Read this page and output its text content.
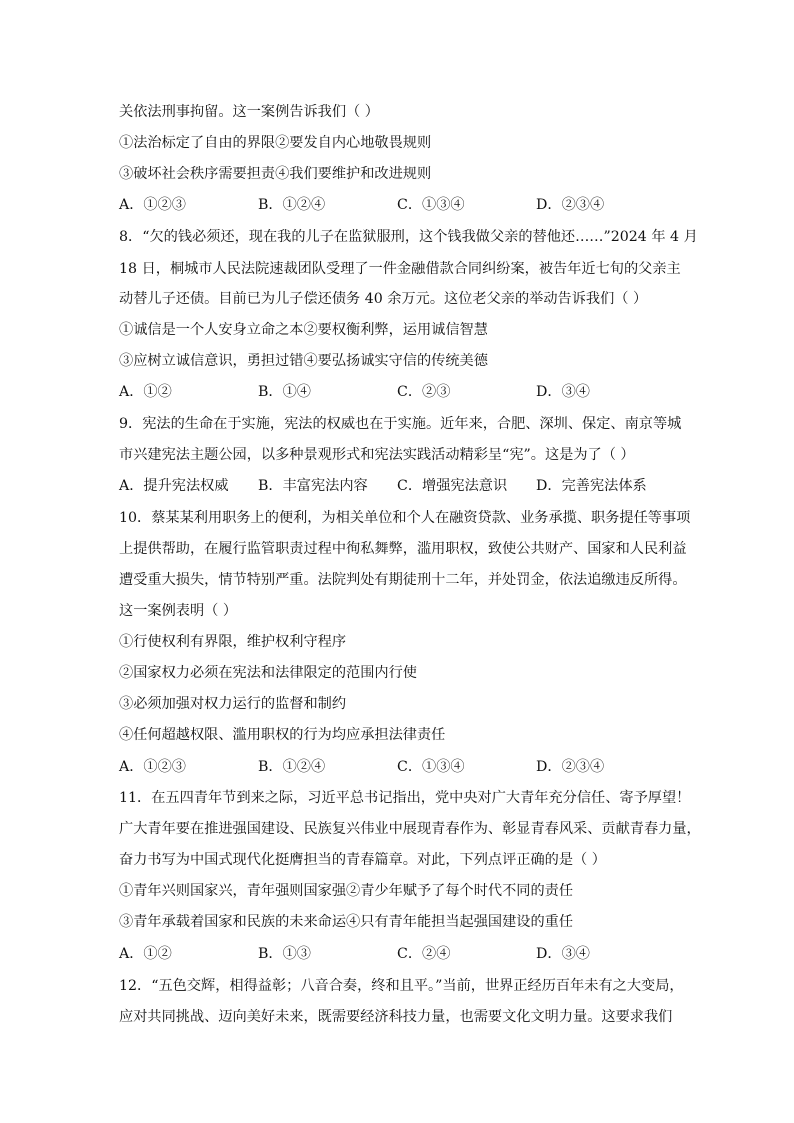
关依法刑事拘留。这一案例告诉我们（ ）
①法治标定了自由的界限②要发自内心地敬畏规则
③破坏社会秩序需要担责④我们要维护和改进规则
A．①②③	B．①②④	C．①③④	D．②③④
8．“欠的钱必须还，现在我的儿子在监狱服刑，这个钱我做父亲的替他还……”2024 年 4 月
18 日，桐城市人民法院速裁团队受理了一件金融借款合同纠纷案，被告年近七旬的父亲主
动替儿子还债。目前已为儿子偿还债务 40 余万元。这位老父亲的举动告诉我们（ ）
①诚信是一个人安身立命之本②要权衡利弊，运用诚信智慧
③应树立诚信意识，勇担过错④要弘扬诚实守信的传统美德
A．①②	B．①④	C．②③	D．③④
9．宪法的生命在于实施，宪法的权威也在于实施。近年来，合肥、深圳、保定、南京等城
市兴建宪法主题公园，以多种景观形式和宪法实践活动精彩呈“宪”。这是为了（ ）
A．提升宪法权威 B．丰富宪法内容 C．增强宪法意识 D．完善宪法体系
10．蔡某某利用职务上的便利，为相关单位和个人在融资贷款、业务承揽、职务提任等事项
上提供帮助，在履行监管职责过程中徇私舞弊，滥用职权，致使公共财产、国家和人民利益
遭受重大损失，情节特别严重。法院判处有期徒刑十二年，并处罚金，依法追缴违反所得。
这一案例表明（ ）
①行使权利有界限，维护权利守程序
②国家权力必须在宪法和法律限定的范围内行使
③必须加强对权力运行的监督和制约
④任何超越权限、滥用职权的行为均应承担法律责任
A．①②③	B．①②④	C．①③④	D．②③④
11．在五四青年节到来之际，习近平总书记指出，党中央对广大青年充分信任、寄予厚望！
广大青年要在推进强国建设、民族复兴伟业中展现青春作为、彰显青春风采、贡献青春力量，
奋力书写为中国式现代化挺膺担当的青春篇章。对此，下列点评正确的是（ ）
①青年兴则国家兴，青年强则国家强②青少年赋予了每个时代不同的责任
③青年承载着国家和民族的未来命运④只有青年能担当起强国建设的重任
A．①②	B．①③	C．②④	D．③④
12．“五色交辉，相得益彰；八音合奏，终和且平。”当前，世界正经历百年未有之大变局，
应对共同挑战、迈向美好未来，既需要经济科技力量，也需要文化文明力量。这要求我们
